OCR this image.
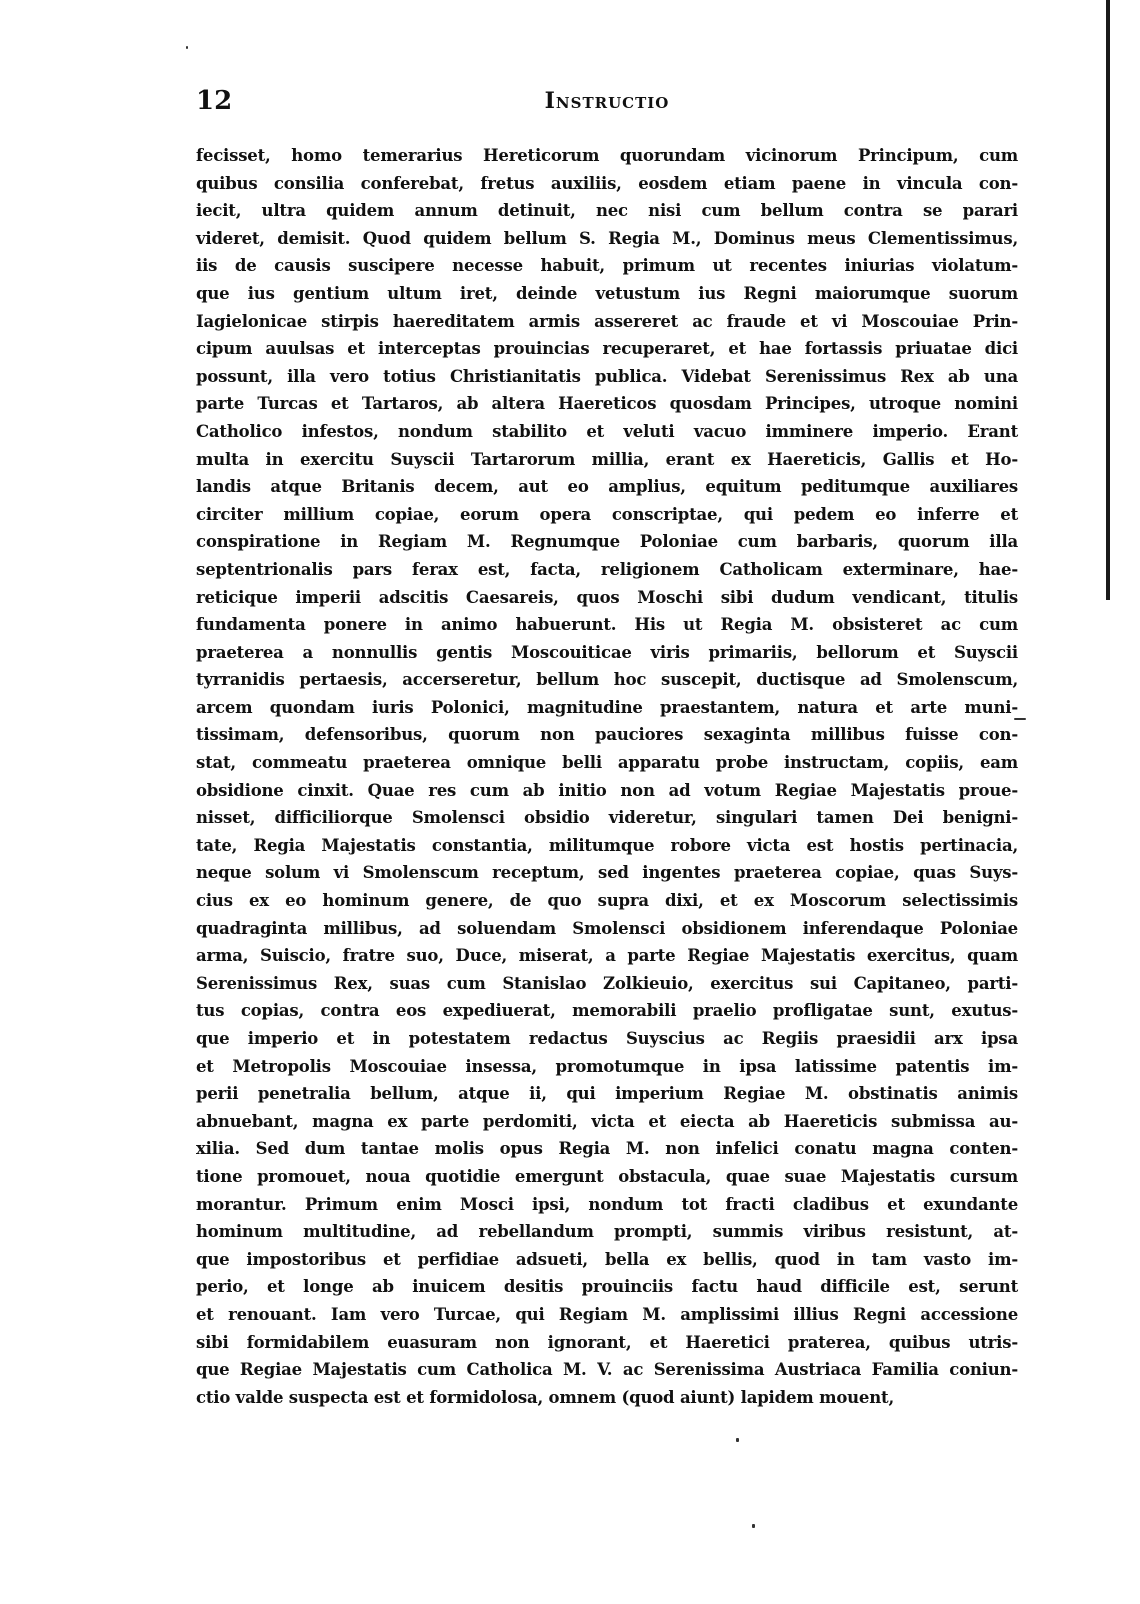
12	Instructio
fecisset, homo temerarius Hereticorum quorundam vicinorum Principum, cum
quibus consilia conferebat, fretus auxiliis, eosdem etiam paene in vincula con-
iecit, ultra quidem annum detinuit, nec nisi cum bellum contra se parari
videret, demisit. Quod quidem bellum S. Regia M., Dominus meus Clementissimus,
iis de causis suscipere necesse habuit, primum ut recentes iniurias violatum-
que ius gentium ultum iret, deinde vetustum ius Regni maiorumque suorum
Iagielonicae stirpis haereditatem armis assereret ac fraude et vi Moscouiae Prin-
cipum auulsas et interceptas prouincias recuperaret, et hae fortassis priuatae dici
possunt, illa vero totius Christianitatis publica. Videbat Serenissimus Rex ab una
parte Turcas et Tartaros, ab altera Haereticos quosdam Principes, utroque nomini
Catholico infestos, nondum stabilito et veluti vacuo imminere imperio. Erant
multa in exercitu Suyscii Tartarorum millia, erant ex Haereticis, Gallis et Ho-
landis atque Britanis decem, aut eo amplius, equitum peditumque auxiliares
circiter millium copiae, eorum opera conscriptae, qui pedem eo inferre et
conspiratione in Regiam M. Regnumque Poloniae cum barbaris, quorum illa
septentrionalis pars ferax est, facta, religionem Catholicam exterminare, hae-
reticique imperii adscitis Caesareis, quos Moschi sibi dudum vendicant, titulis
fundamenta ponere in animo habuerunt. His ut Regia M. obsisteret ac cum
praeterea a nonnullis gentis Moscouiticae viris primariis, bellorum et Suyscii
tyrranidis pertaesis, accerseretur, bellum hoc suscepit, ductisque ad Smolenscum,
arcem quondam iuris Polonici, magnitudine praestantem, natura et arte muni-
tissimam, defensoribus, quorum non pauciores sexaginta millibus fuisse con-
stat, commeatu praeterea omnique belli apparatu probe instructam, copiis, eam
obsidione cinxit. Quae res cum ab initio non ad votum Regiae Majestatis proue-
nisset, difficiliorque Smolensci obsidio videretur, singulari tamen Dei benigni-
tate, Regia Majestatis constantia, militumque robore victa est hostis pertinacia,
neque solum vi Smolenscum receptum, sed ingentes praeterea copiae, quas Suys-
cius ex eo hominum genere, de quo supra dixi, et ex Moscorum selectissimis
quadraginta millibus, ad soluendam Smolensci obsidionem inferendaque Poloniae
arma, Suiscio, fratre suo, Duce, miserat, a parte Regiae Majestatis exercitus, quam
Serenissimus Rex, suas cum Stanislao Zolkieuio, exercitus sui Capitaneo, parti-
tus copias, contra eos expediuerat, memorabili praelio profligatae sunt, exutus-
que imperio et in potestatem redactus Suyscius ac Regiis praesidii arx ipsa
et Metropolis Moscouiae insessa, promotumque in ipsa latissime patentis im-
perii penetralia bellum, atque ii, qui imperium Regiae M. obstinatis animis
abnuebant, magna ex parte perdomiti, victa et eiecta ab Haereticis submissa au-
xilia. Sed dum tantae molis opus Regia M. non infelici conatu magna conten-
tione promouet, noua quotidie emergunt obstacula, quae suae Majestatis cursum
morantur. Primum enim Mosci ipsi, nondum tot fracti cladibus et exundante
hominum multitudine, ad rebellandum prompti, summis viribus resistunt, at-
que impostoribus et perfidiae adsueti, bella ex bellis, quod in tam vasto im-
perio, et longe ab inuicem desitis prouinciis factu haud difficile est, serunt
et renouant. Iam vero Turcae, qui Regiam M. amplissimi illius Regni accessione
sibi formidabilem euasuram non ignorant, et Haeretici praterea, quibus utris-
que Regiae Majestatis cum Catholica M. V. ac Serenissima Austriaca Familia coniun-
ctio valde suspecta est et formidolosa, omnem (quod aiunt) lapidem mouent,
